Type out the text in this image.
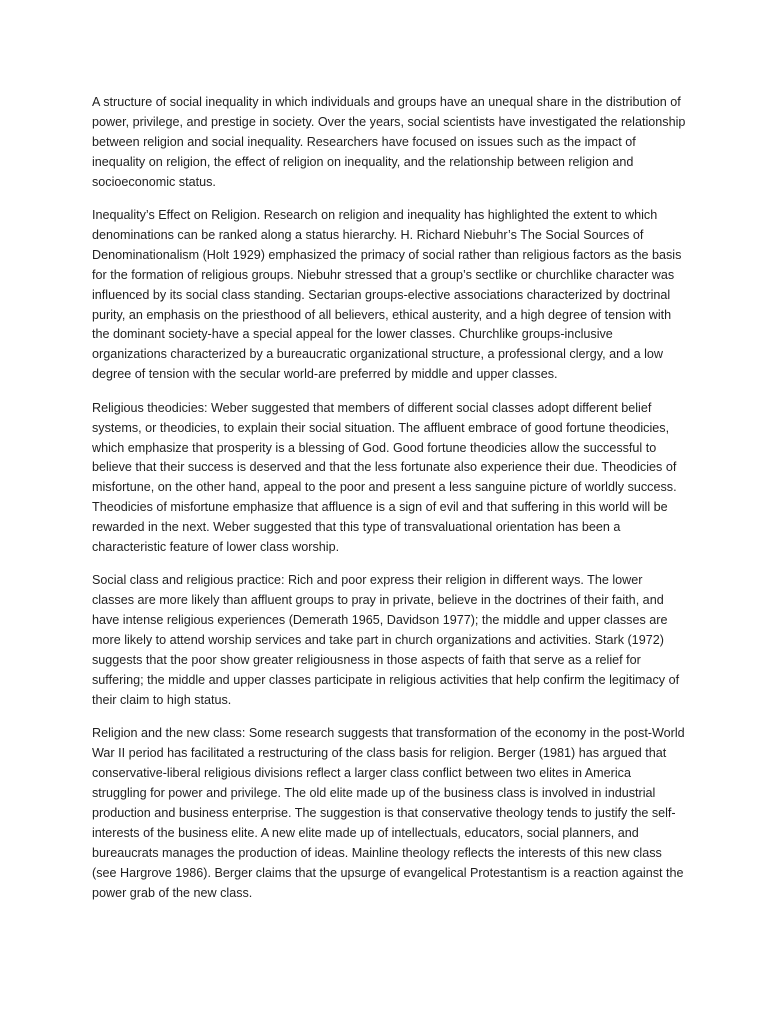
A structure of social inequality in which individuals and groups have an unequal share in the distribution of power, privilege, and prestige in society. Over the years, social scientists have investigated the relationship between religion and social inequality. Researchers have focused on issues such as the impact of inequality on religion, the effect of religion on inequality, and the relationship between religion and socioeconomic status.

Inequality’s Effect on Religion. Research on religion and inequality has highlighted the extent to which denominations can be ranked along a status hierarchy. H. Richard Niebuhr’s The Social Sources of Denominationalism (Holt 1929) emphasized the primacy of social rather than religious factors as the basis for the formation of religious groups. Niebuhr stressed that a group’s sectlike or churchlike character was influenced by its social class standing. Sectarian groups-elective associations characterized by doctrinal purity, an emphasis on the priesthood of all believers, ethical austerity, and a high degree of tension with the dominant society-have a special appeal for the lower classes. Churchlike groups-inclusive organizations characterized by a bureaucratic organizational structure, a professional clergy, and a low degree of tension with the secular world-are preferred by middle and upper classes.

Religious theodicies: Weber suggested that members of different social classes adopt different belief systems, or theodicies, to explain their social situation. The affluent embrace of good fortune theodicies, which emphasize that prosperity is a blessing of God. Good fortune theodicies allow the successful to believe that their success is deserved and that the less fortunate also experience their due. Theodicies of misfortune, on the other hand, appeal to the poor and present a less sanguine picture of worldly success. Theodicies of misfortune emphasize that affluence is a sign of evil and that suffering in this world will be rewarded in the next. Weber suggested that this type of transvaluational orientation has been a characteristic feature of lower class worship.

Social class and religious practice: Rich and poor express their religion in different ways. The lower classes are more likely than affluent groups to pray in private, believe in the doctrines of their faith, and have intense religious experiences (Demerath 1965, Davidson 1977); the middle and upper classes are more likely to attend worship services and take part in church organizations and activities. Stark (1972) suggests that the poor show greater religiousness in those aspects of faith that serve as a relief for suffering; the middle and upper classes participate in religious activities that help confirm the legitimacy of their claim to high status.

Religion and the new class: Some research suggests that transformation of the economy in the post-World War II period has facilitated a restructuring of the class basis for religion. Berger (1981) has argued that conservative-liberal religious divisions reflect a larger class conflict between two elites in America struggling for power and privilege. The old elite made up of the business class is involved in industrial production and business enterprise. The suggestion is that conservative theology tends to justify the self-interests of the business elite. A new elite made up of intellectuals, educators, social planners, and bureaucrats manages the production of ideas. Mainline theology reflects the interests of this new class (see Hargrove 1986). Berger claims that the upsurge of evangelical Protestantism is a reaction against the power grab of the new class.
